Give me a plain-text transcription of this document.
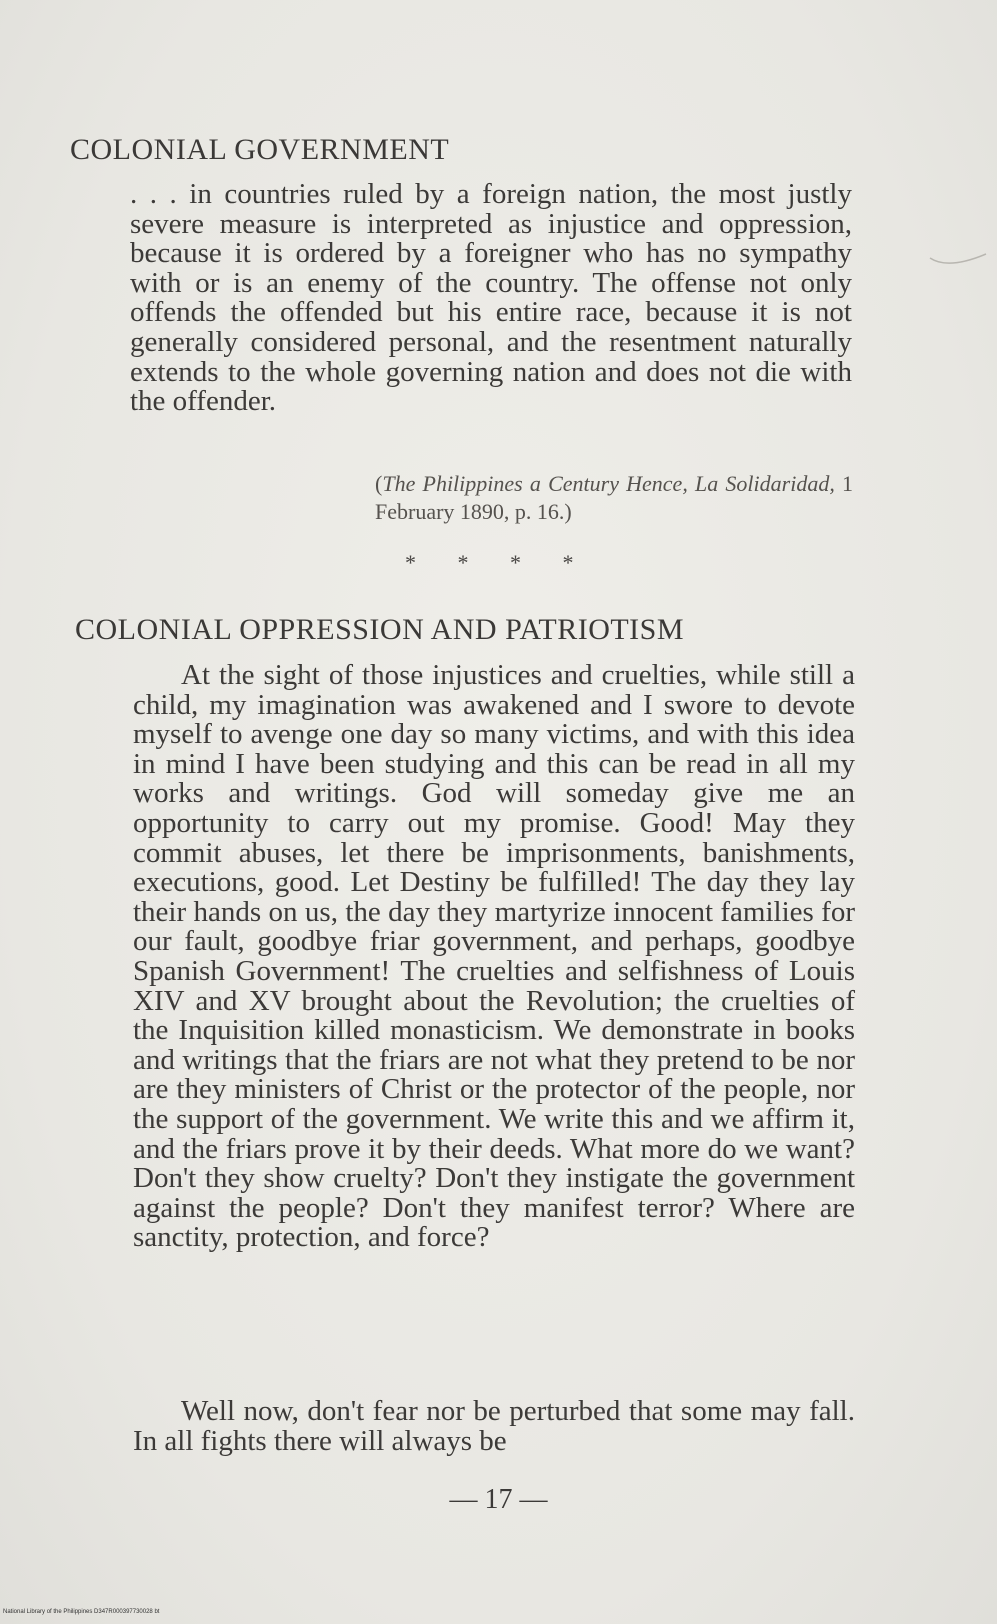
COLONIAL GOVERNMENT

. . . in countries ruled by a foreign nation, the most justly severe measure is interpreted as injustice and oppression, because it is ordered by a foreigner who has no sympathy with or is an enemy of the country. The offense not only offends the offended but his entire race, because it is not generally considered personal, and the resentment naturally extends to the whole governing nation and does not die with the offender.

(The Philippines a Century Hence, La Solidaridad, 1 February 1890, p. 16.)

* * * *

COLONIAL OPPRESSION AND PATRIOTISM

At the sight of those injustices and cruelties, while still a child, my imagination was awakened and I swore to devote myself to avenge one day so many victims, and with this idea in mind I have been studying and this can be read in all my works and writings. God will someday give me an opportunity to carry out my promise. Good! May they commit abuses, let there be imprisonments, banishments, executions, good. Let Destiny be fulfilled! The day they lay their hands on us, the day they martyrize innocent families for our fault, goodbye friar government, and perhaps, goodbye Spanish Government! The cruelties and selfishness of Louis XIV and XV brought about the Revolution; the cruelties of the Inquisition killed monasticism. We demonstrate in books and writings that the friars are not what they pretend to be nor are they ministers of Christ or the protector of the people, nor the support of the government. We write this and we affirm it, and the friars prove it by their deeds. What more do we want? Don't they show cruelty? Don't they instigate the government against the people? Don't they manifest terror? Where are sanctity, protection, and force?

Well now, don't fear nor be perturbed that some may fall. In all fights there will always be

— 17 —

National Library of the Philippines D347R000397730028 bt
